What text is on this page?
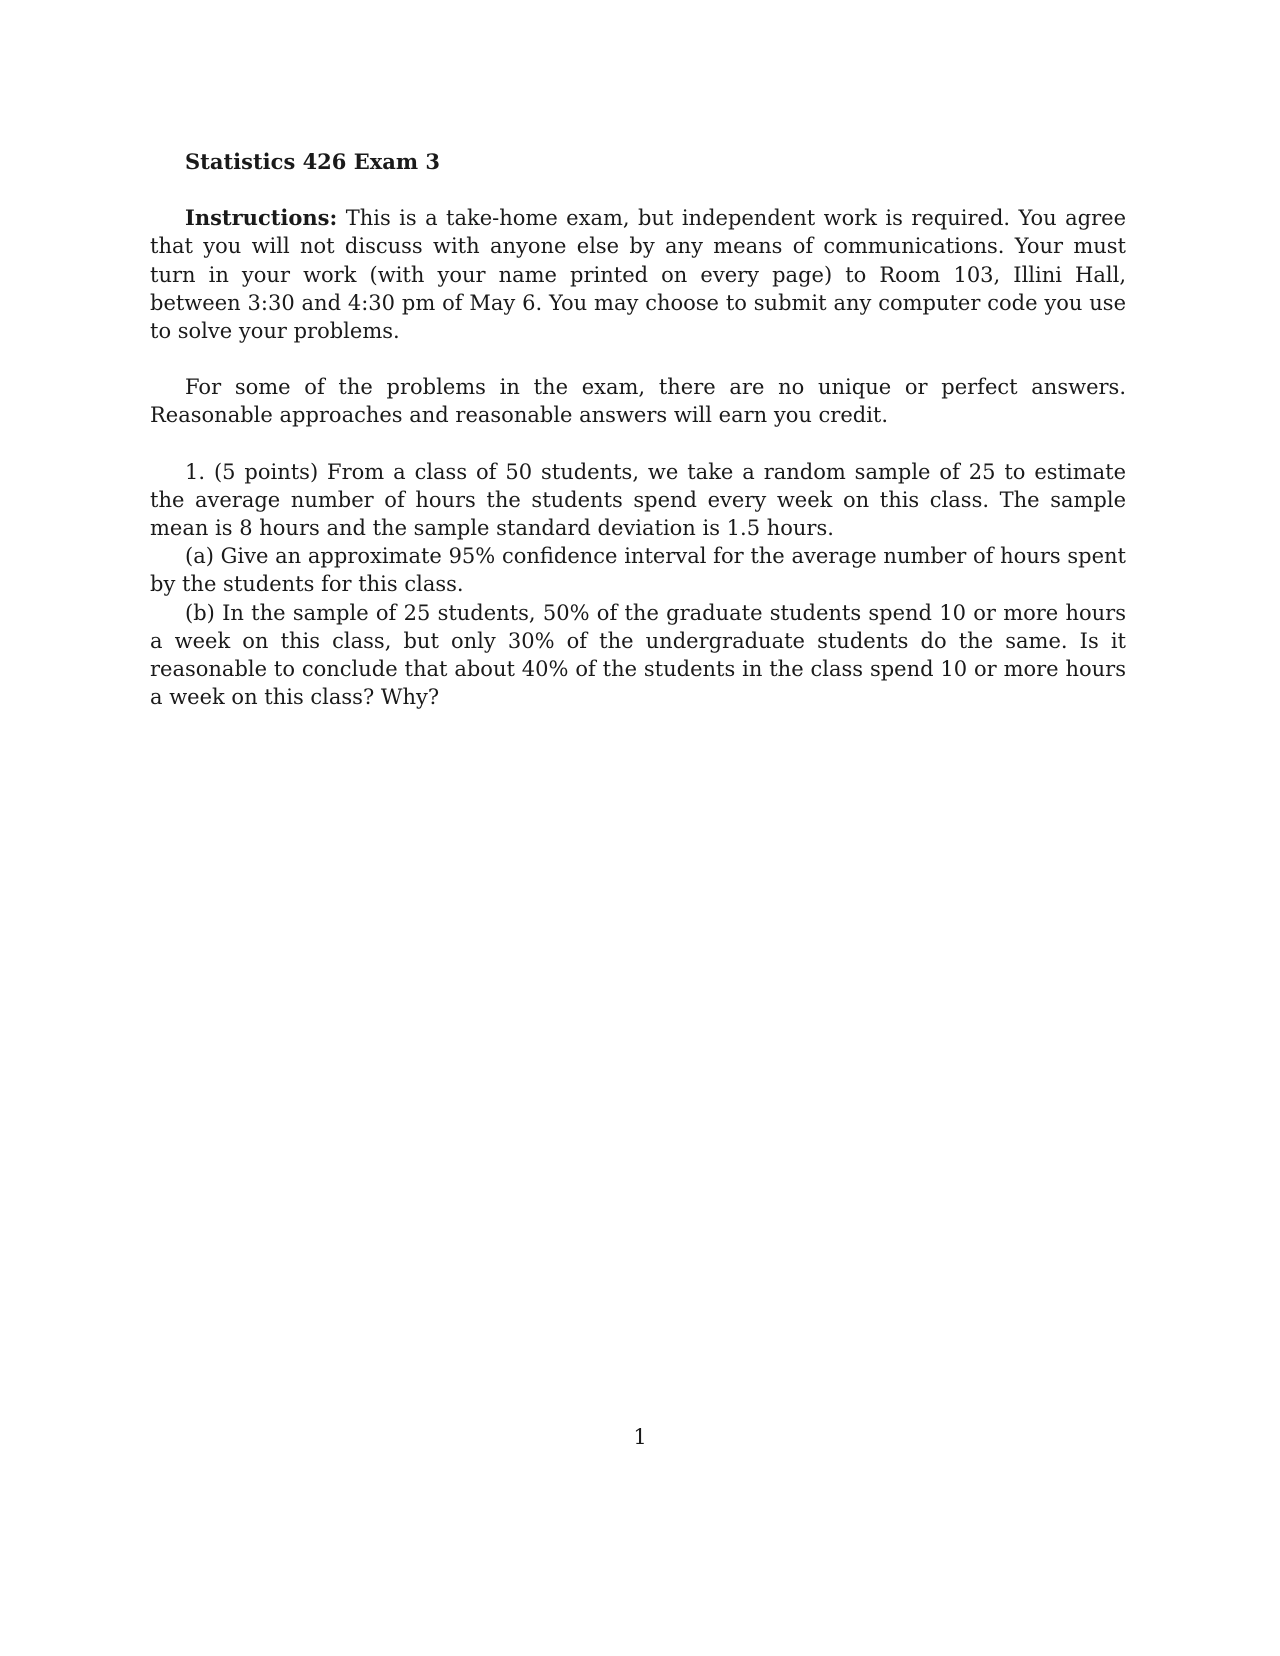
Statistics 426 Exam 3

Instructions: This is a take-home exam, but independent work is required. You agree that you will not discuss with anyone else by any means of communications. Your must turn in your work (with your name printed on every page) to Room 103, Illini Hall, between 3:30 and 4:30 pm of May 6. You may choose to submit any computer code you use to solve your problems.

For some of the problems in the exam, there are no unique or perfect answers. Reasonable approaches and reasonable answers will earn you credit.

1. (5 points) From a class of 50 students, we take a random sample of 25 to estimate the average number of hours the students spend every week on this class. The sample mean is 8 hours and the sample standard deviation is 1.5 hours.

(a) Give an approximate 95% confidence interval for the average number of hours spent by the students for this class.

(b) In the sample of 25 students, 50% of the graduate students spend 10 or more hours a week on this class, but only 30% of the undergraduate students do the same. Is it reasonable to conclude that about 40% of the students in the class spend 10 or more hours a week on this class? Why?

1
